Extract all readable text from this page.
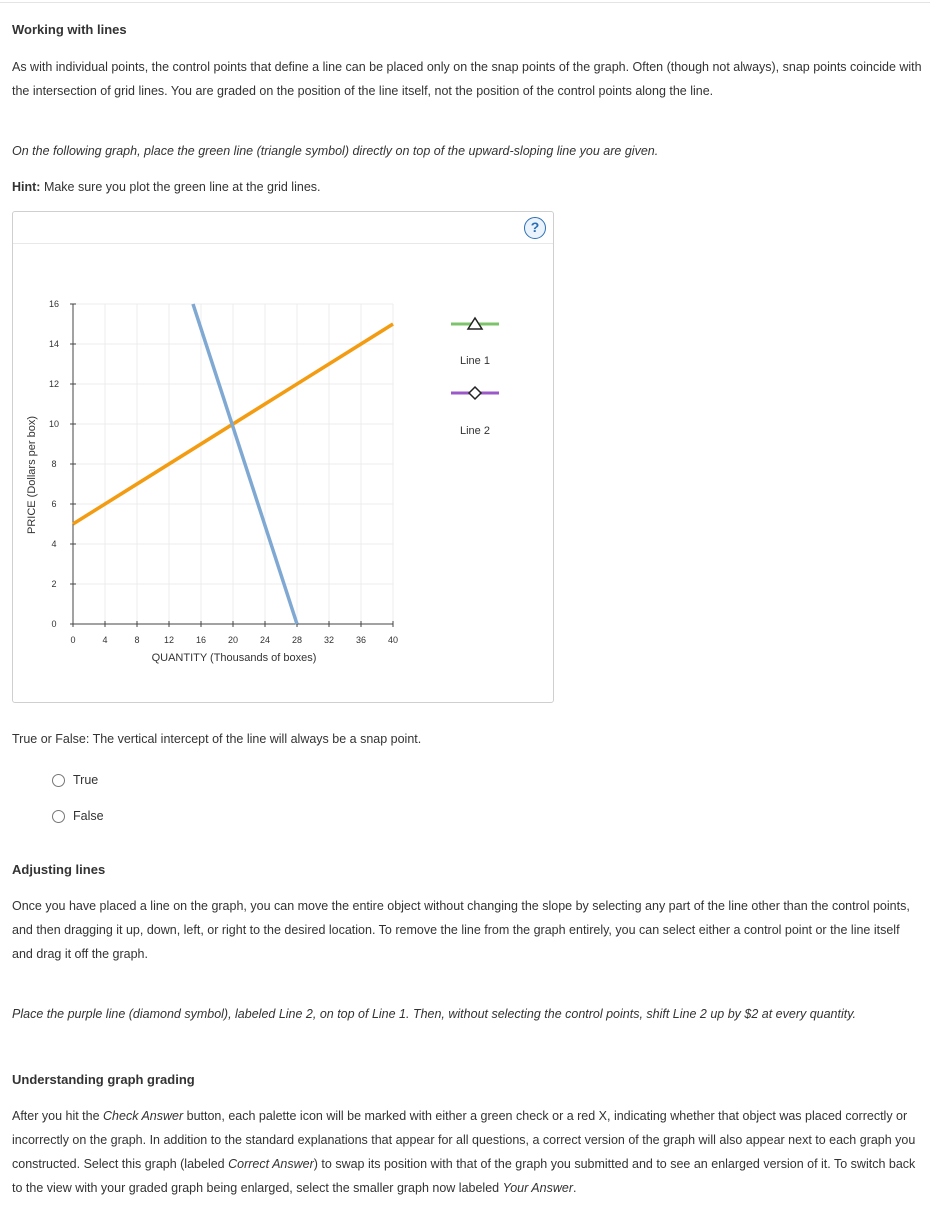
Working with lines

As with individual points, the control points that define a line can be placed only on the snap points of the graph. Often (though not always), snap points coincide with the intersection of grid lines. You are graded on the position of the line itself, not the position of the control points along the line.

On the following graph, place the green line (triangle symbol) directly on top of the upward-sloping line you are given.

Hint: Make sure you plot the green line at the grid lines.

?
0	4	8	12 16 20 24 28 32 36 40
0
2
4
6
8
10
12
14
16
PRICE (Dollars per box)
QUANTITY (Thousands of boxes)
Line 1
Line 2

True or False: The vertical intercept of the line will always be a snap point.

True
False
Adjusting lines

Once you have placed a line on the graph, you can move the entire object without changing the slope by selecting any part of the line other than the control points, and then dragging it up, down, left, or right to the desired location. To remove the line from the graph entirely, you can select either a control point or the line itself and drag it off the graph.

Place the purple line (diamond symbol), labeled Line 2, on top of Line 1. Then, without selecting the control points, shift Line 2 up by $2 at every quantity.

Understanding graph grading

After you hit the Check Answer button, each palette icon will be marked with either a green check or a red X, indicating whether that object was placed correctly or incorrectly on the graph. In addition to the standard explanations that appear for all questions, a correct version of the graph will also appear next to each graph you constructed. Select this graph (labeled Correct Answer) to swap its position with that of the graph you submitted and to see an enlarged version of it. To switch back to the view with your graded graph being enlarged, select the smaller graph now labeled Your Answer.
